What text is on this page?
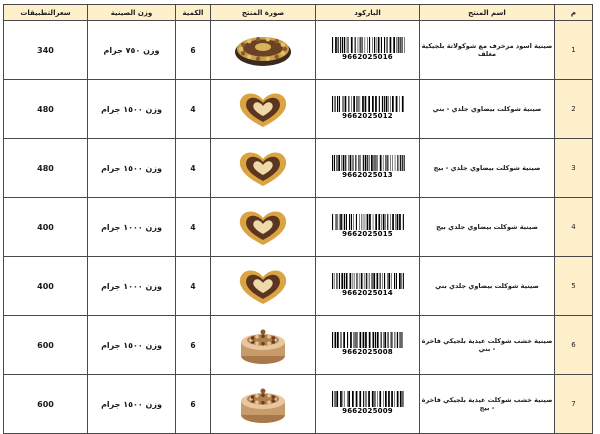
م	اسم المنتج	الباركود	صورة المنتج	الكمية	وزن الصينية	سعرالتطبيقات
1	صينية اسود مزخرف مع شوكولاتة بلجيكية مغلف	9662025016		6	وزن ٧٥٠ جرام	340
2	صينية شوكلت بيضاوي جلدي - بني	9662025012		4	وزن ١٥٠٠ جرام	480
3	صينية شوكلت بيضاوي جلدي - بيج	9662025013		4	وزن ١٥٠٠ جرام	480
4	صينية شوكلت بيضاوي جلدي بيج	9662025015		4	وزن ١٠٠٠ جرام	400
5	صينية شوكلت بيضاوي جلدي بني	9662025014		4	وزن ١٠٠٠ جرام	400
6	صينية خشب شوكلت عيدية بلجيكي فاخرة - بني	9662025008		6	وزن ١٥٠٠ جرام	600
7	صينية خشب شوكلت عيدية بلجيكي فاخرة - بيج	9662025009		6	وزن ١٥٠٠ جرام	600
